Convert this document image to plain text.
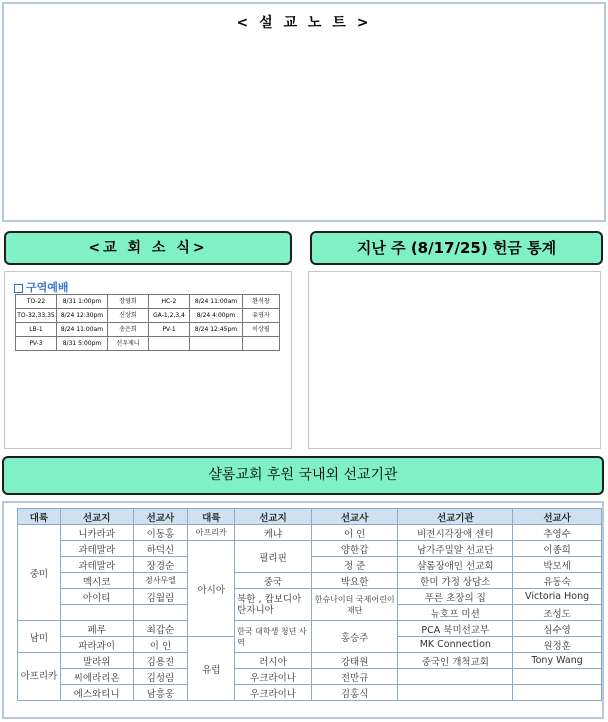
< 설 교 노 트 >
<교 회 소 식>	지난 주 (8/17/25) 헌금 통계
구역예배
TO-22	8/31 1:00pm	장영희	HC-2	8/24 11:00am	완석창
TO-32,33,35	8/24 12:30pm	신상희	GA-1,2,3,4	8/24 4:00pm	유영자
LB-1	8/24 11:00am	송은희	PV-1	8/24 12:45pm	이상필
PV-3	8/31 5:00pm	선우제니			
샬롬교회 후원 국내외 선교기관
대륙	선교지	선교사	대륙	선교지	선교사	선교기관	선교사
중미	니카라과	이동홍	아프리카	케냐	이 인	비전시각장애 센터	추영수
	과테말라	하덕신	아시아	필리핀	양한갑	남가주밀알 선교단	이종희
	과테말라	장경순			정 준	샬롬장애인 선교회	박모세
	멕시코	정사무엘		중국	박요한	한미 가정 상담소	유동숙
	아이티	김월림		북한 , 캄보디아 탄자니아	한슈나이더 국제어린이 재단	푸른 초장의 집	Victoria Hong
						뉴호프 미션	조성도
남미	페루	최갑순		한국 대학생 청년 사역	홍승주	PCA 북미선교부	심수영
	파라과이	이 인	유럽			MK Connection	원정훈
아프리카	말라위	김용진		러시아	강태원	중국인 개척교회	Tony Wang
	씨에라리온	김성림		우크라이나	전만규		
	에스와티니	남흥웅		우크라이나	김홍식		
